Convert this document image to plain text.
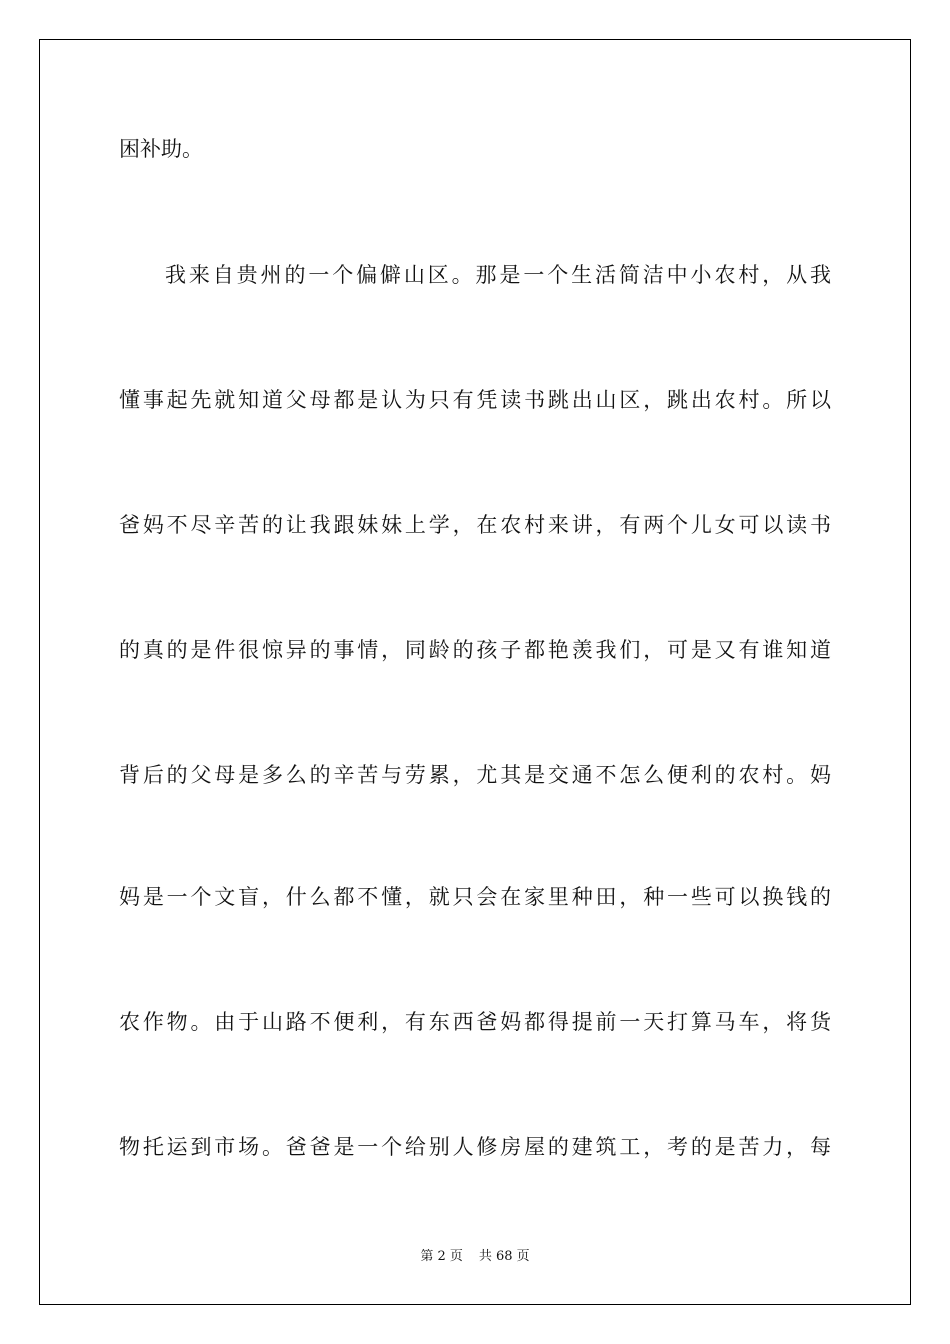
困补助。

我来自贵州的一个偏僻山区。那是一个生活简洁中小农村，从我

懂事起先就知道父母都是认为只有凭读书跳出山区，跳出农村。所以

爸妈不尽辛苦的让我跟妹妹上学，在农村来讲，有两个儿女可以读书

的真的是件很惊异的事情，同龄的孩子都艳羡我们，可是又有谁知道

背后的父母是多么的辛苦与劳累，尤其是交通不怎么便利的农村。妈

妈是一个文盲，什么都不懂，就只会在家里种田，种一些可以换钱的

农作物。由于山路不便利，有东西爸妈都得提前一天打算马车，将货

物托运到市场。爸爸是一个给别人修房屋的建筑工，考的是苦力，每

第 2 页 共 68 页
